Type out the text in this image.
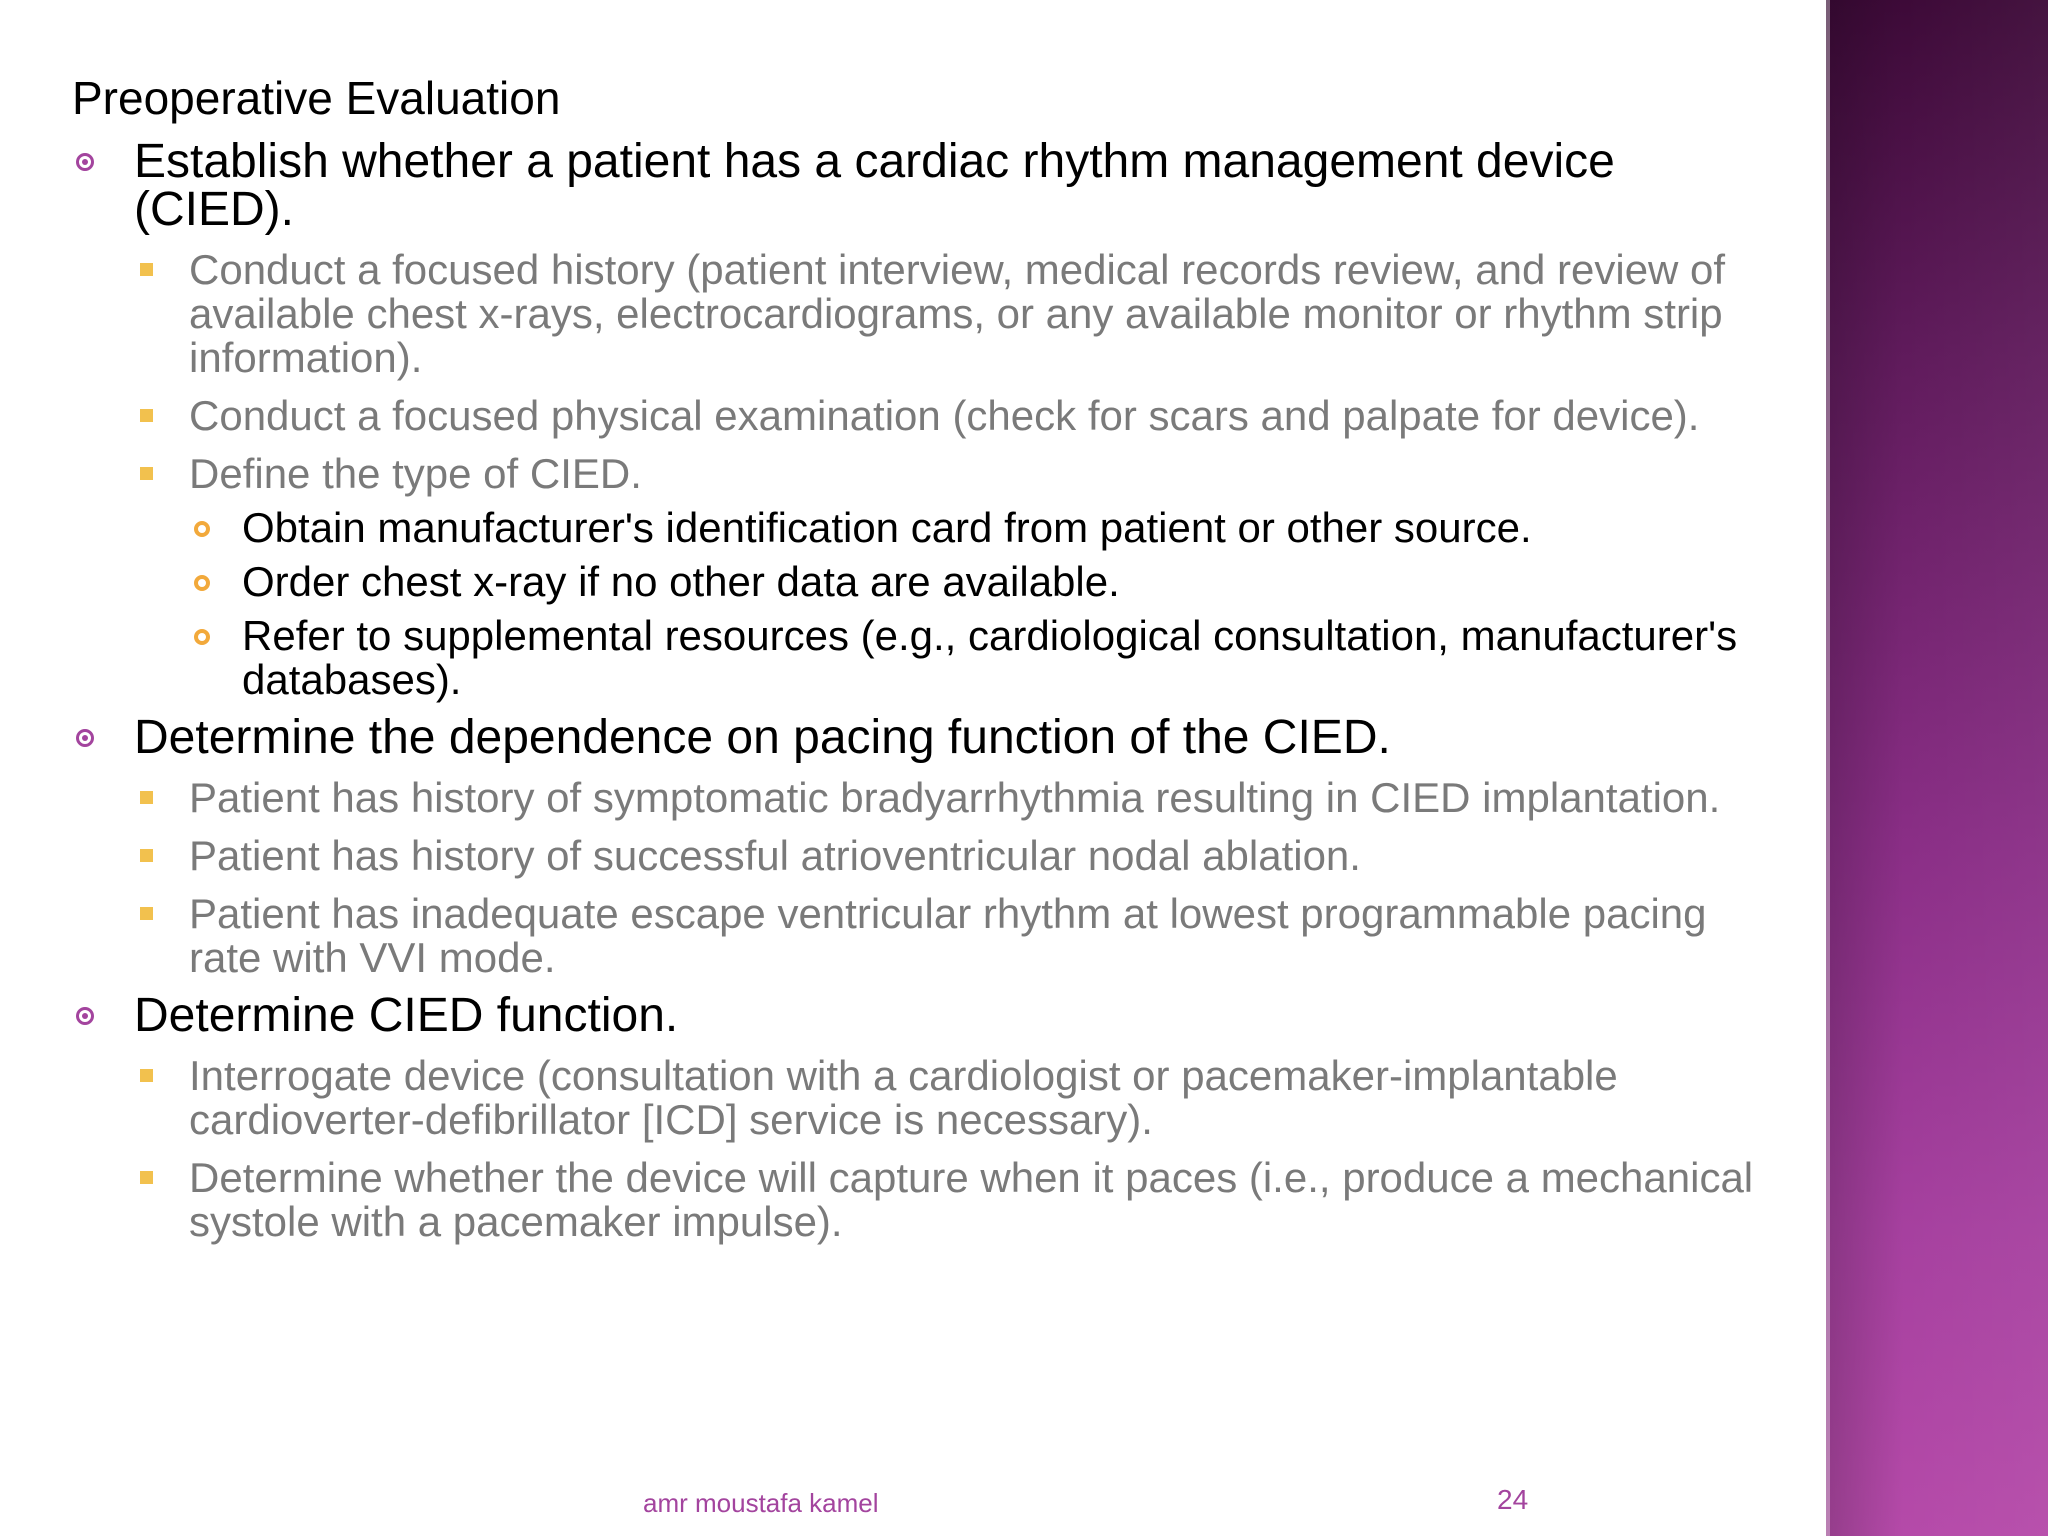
Preoperative Evaluation
Establish whether a patient has a cardiac rhythm management device (CIED).
Conduct a focused history (patient interview, medical records review, and review of available chest x-rays, electrocardiograms, or any available monitor or rhythm strip information).
Conduct a focused physical examination (check for scars and palpate for device).
Define the type of CIED.
Obtain manufacturer's identification card from patient or other source.
Order chest x-ray if no other data are available.
Refer to supplemental resources (e.g., cardiological consultation, manufacturer's databases).
Determine the dependence on pacing function of the CIED.
Patient has history of symptomatic bradyarrhythmia resulting in CIED implantation.
Patient has history of successful atrioventricular nodal ablation.
Patient has inadequate escape ventricular rhythm at lowest programmable pacing rate with VVI mode.
Determine CIED function.
Interrogate device (consultation with a cardiologist or pacemaker-implantable cardioverter-defibrillator [ICD] service is necessary).
Determine whether the device will capture when it paces (i.e., produce a mechanical systole with a pacemaker impulse).
amr moustafa kamel	24
